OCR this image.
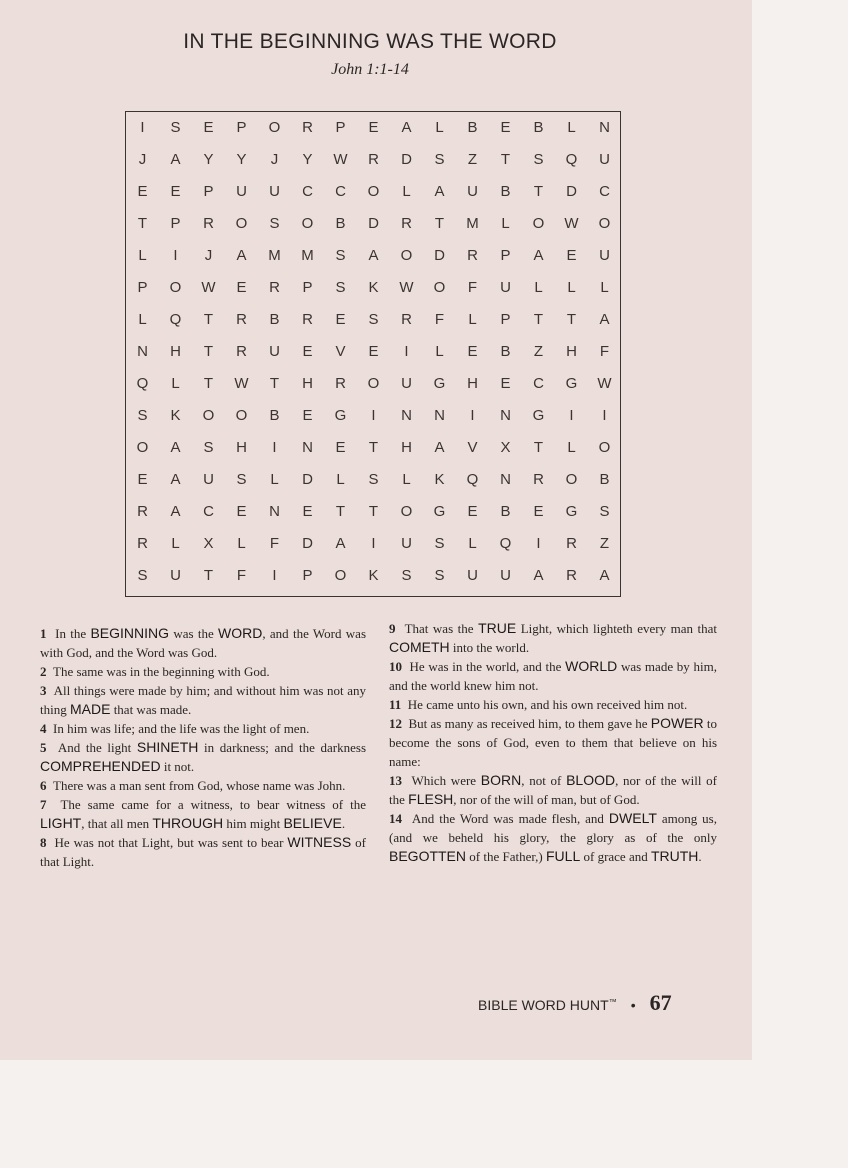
IN THE BEGINNING WAS THE WORD
John 1:1-14
I	S	E	P	O	R	P	E	A	L	B	E	B	L	N
J	A	Y	Y	J	Y	W	R	D	S	Z	T	S	Q	U
E	E	P	U	U	C	C	O	L	A	U	B	T	D	C
T	P	R	O	S	O	B	D	R	T	M	L	O	W	O
L	I	J	A	M	M	S	A	O	D	R	P	A	E	U
P	O	W	E	R	P	S	K	W	O	F	U	L	L	L
L	Q	T	R	B	R	E	S	R	F	L	P	T	T	A
N	H	T	R	U	E	V	E	I	L	E	B	Z	H	F
Q	L	T	W	T	H	R	O	U	G	H	E	C	G	W
S	K	O	O	B	E	G	I	N	N	I	N	G	I	I
O	A	S	H	I	N	E	T	H	A	V	X	T	L	O
E	A	U	S	L	D	L	S	L	K	Q	N	R	O	B
R	A	C	E	N	E	T	T	O	G	E	B	E	G	S
R	L	X	L	F	D	A	I	U	S	L	Q	I	R	Z
S	U	T	F	I	P	O	K	S	S	U	U	A	R	A

1 In the BEGINNING was the WORD, and the Word was with God, and the Word was God.

2 The same was in the beginning with God.

3 All things were made by him; and without him was not any thing MADE that was made.

4 In him was life; and the life was the light of men.

5 And the light SHINETH in darkness; and the darkness COMPREHENDED it not.

6 There was a man sent from God, whose name was John.

7 The same came for a witness, to bear witness of the LIGHT, that all men THROUGH him might BELIEVE.

8 He was not that Light, but was sent to bear WITNESS of that Light.

9 That was the TRUE Light, which lighteth every man that COMETH into the world.

10 He was in the world, and the WORLD was made by him, and the world knew him not.

11 He came unto his own, and his own received him not.

12 But as many as received him, to them gave he POWER to become the sons of God, even to them that believe on his name:

13 Which were BORN, not of BLOOD, nor of the will of the FLESH, nor of the will of man, but of God.

14 And the Word was made flesh, and DWELT among us, (and we beheld his glory, the glory as of the only BEGOTTEN of the Father,) FULL of grace and TRUTH.

BIBLE WORD HUNT™ • 67
